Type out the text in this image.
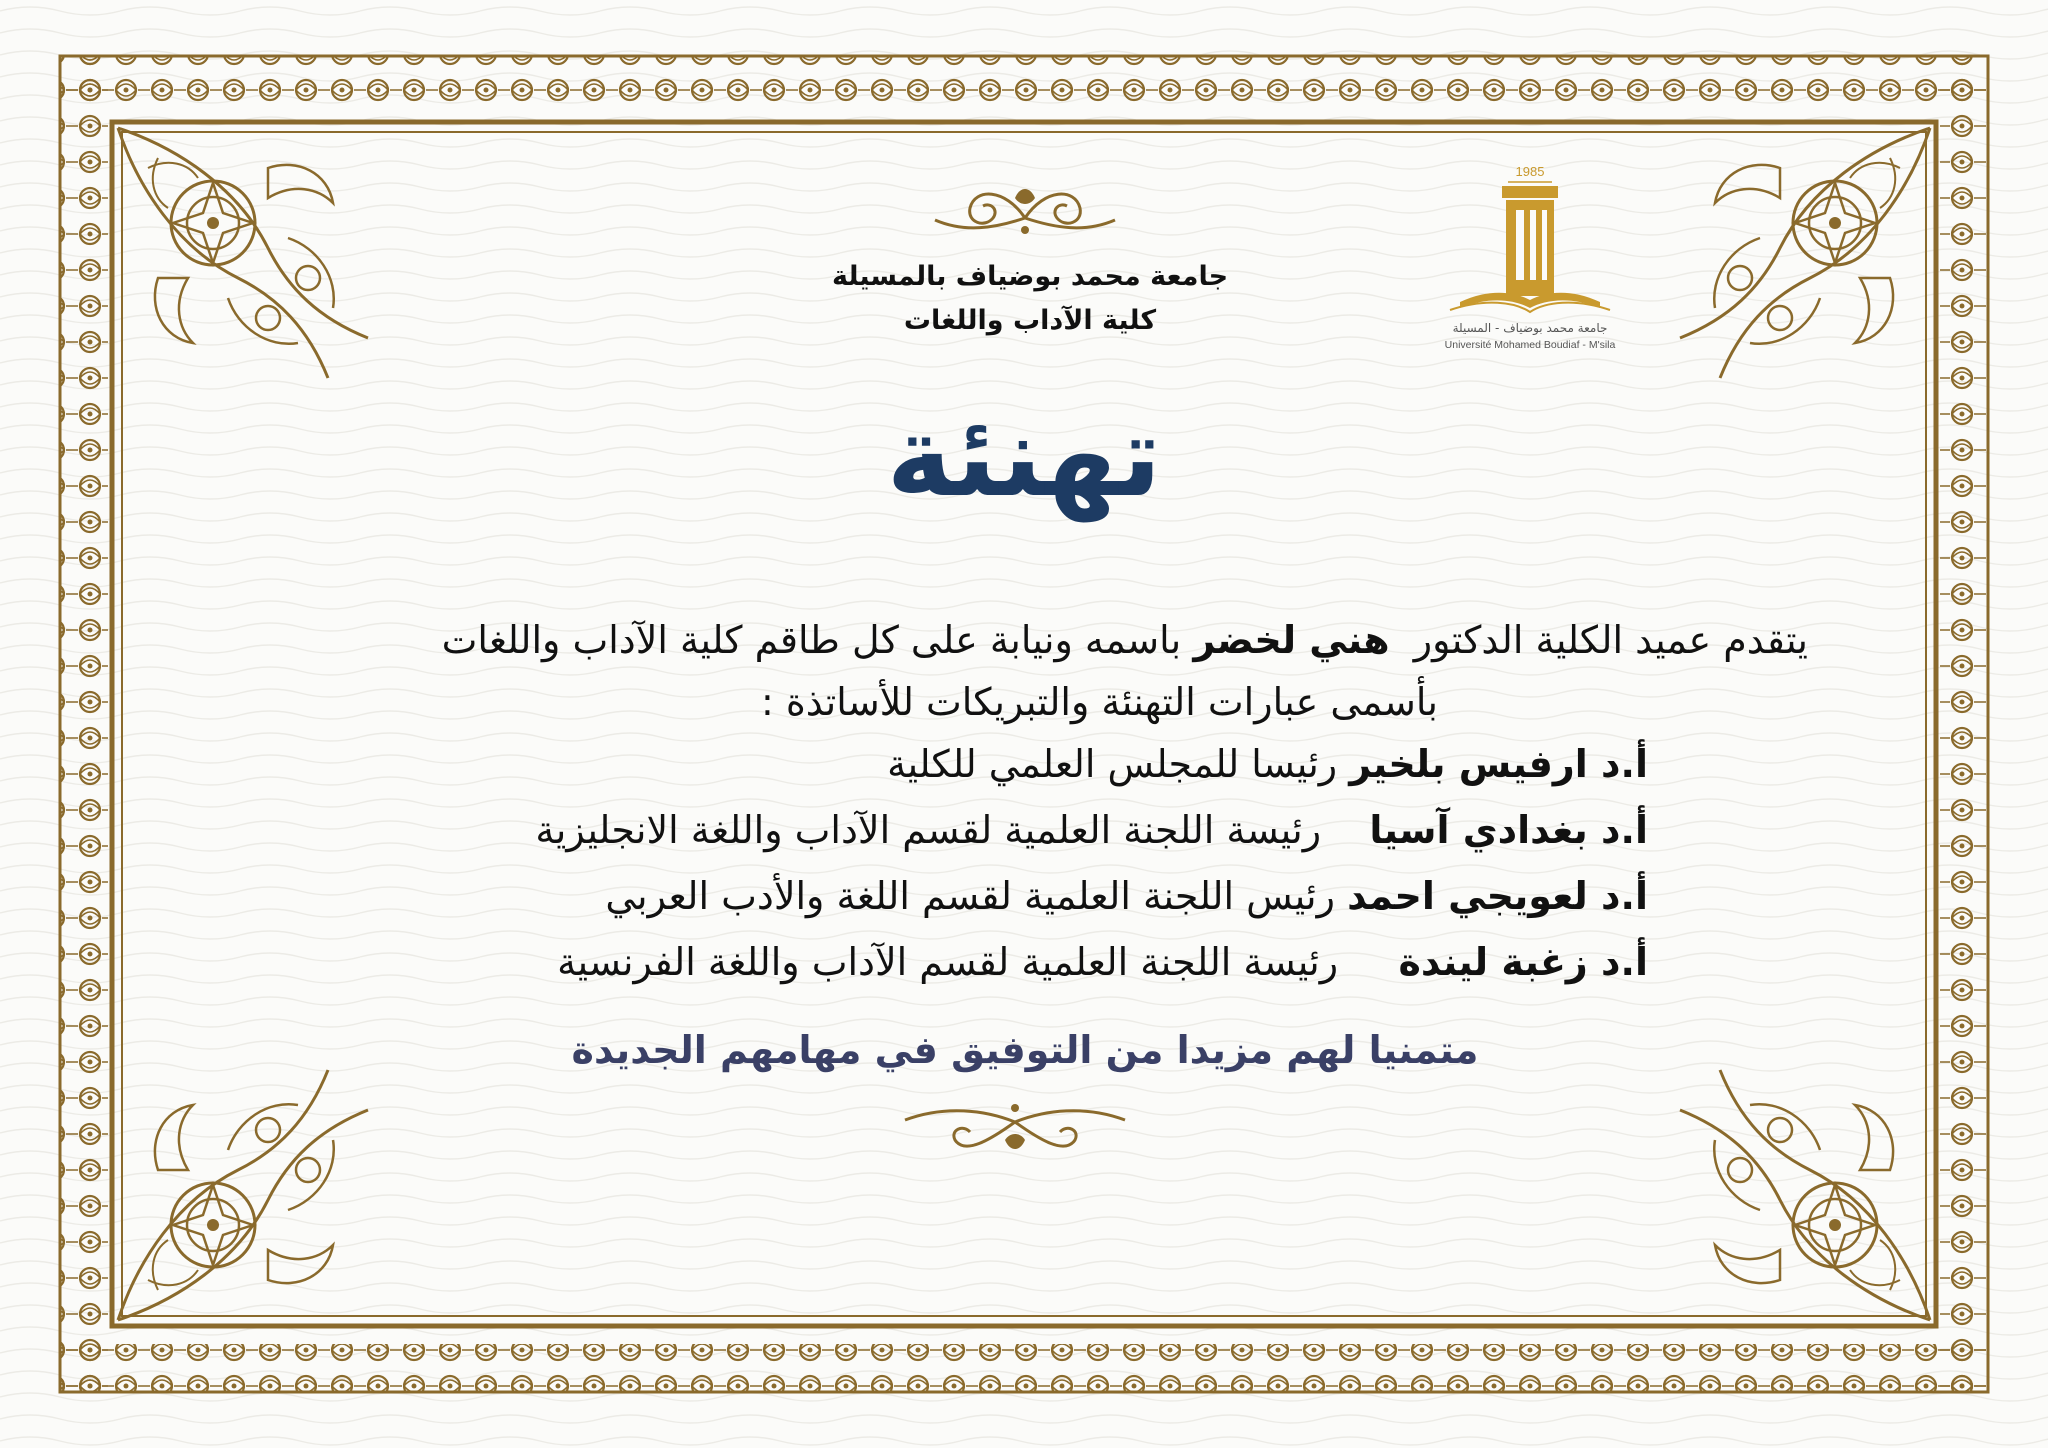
1985
جامعة محمد بوضياف - المسيلة
Université Mohamed Boudiaf - M'sila
جامعة محمد بوضياف بالمسيلة
كلية الآداب واللغات
تهنئة
يتقدم عميد الكلية الدكتور  هني لخضر باسمه ونيابة على كل طاقم كلية الآداب واللغات
بأسمى عبارات التهنئة والتبريكات للأساتذة :
أ.د ارفيس بلخير رئيسا للمجلس العلمي للكلية
أ.د بغدادي آسيا    رئيسة اللجنة العلمية لقسم الآداب واللغة الانجليزية
أ.د لعويجي احمد رئيس اللجنة العلمية لقسم اللغة والأدب العربي
أ.د زغبة ليندة     رئيسة اللجنة العلمية لقسم الآداب واللغة الفرنسية
متمنيا لهم مزيدا من التوفيق في مهامهم الجديدة
